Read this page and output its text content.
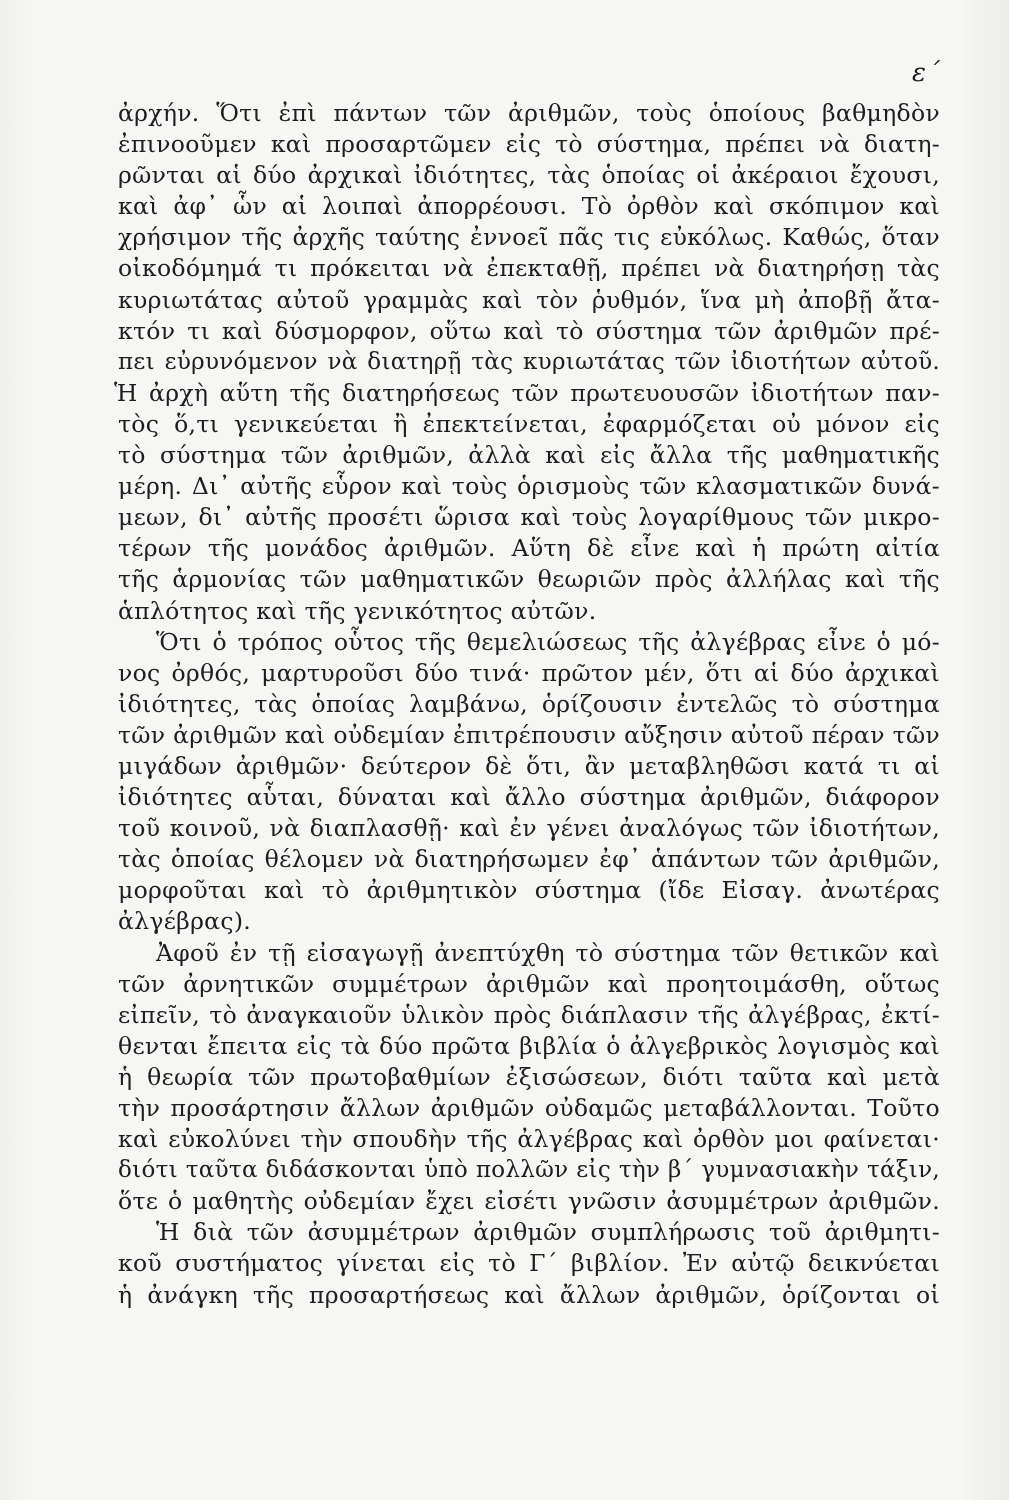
ε΄
ἀρχήν. Ὅτι ἐπὶ πάντων τῶν ἀριθμῶν, τοὺς ὁποίους βαθμηδὸν
ἐπινοοῦμεν καὶ προσαρτῶμεν εἰς τὸ σύστημα, πρέπει νὰ διατη-
ρῶνται αἱ δύο ἀρχικαὶ ἰδιότητες, τὰς ὁποίας οἱ ἀκέραιοι ἔχουσι,
καὶ ἀφ᾽ ὧν αἱ λοιπαὶ ἀπορρέουσι. Τὸ ὀρθὸν καὶ σκόπιμον καὶ
χρήσιμον τῆς ἀρχῆς ταύτης ἐννοεῖ πᾶς τις εὐκόλως. Καθώς, ὅταν
οἰκοδόμημά τι πρόκειται νὰ ἐπεκταθῇ, πρέπει νὰ διατηρήσῃ τὰς
κυριωτάτας αὐτοῦ γραμμὰς καὶ τὸν ῥυθμόν, ἵνα μὴ ἀποβῇ ἄτα-
κτόν τι καὶ δύσμορφον, οὕτω καὶ τὸ σύστημα τῶν ἀριθμῶν πρέ-
πει εὐρυνόμενον νὰ διατηρῇ τὰς κυριωτάτας τῶν ἰδιοτήτων αὐτοῦ.
Ἡ ἀρχὴ αὕτη τῆς διατηρήσεως τῶν πρωτευουσῶν ἰδιοτήτων παν-
τὸς ὅ,τι γενικεύεται ἢ ἐπεκτείνεται, ἐφαρμόζεται οὐ μόνον εἰς
τὸ σύστημα τῶν ἀριθμῶν, ἀλλὰ καὶ εἰς ἄλλα τῆς μαθηματικῆς
μέρη. Δι᾽ αὐτῆς εὗρον καὶ τοὺς ὁρισμοὺς τῶν κλασματικῶν δυνά-
μεων, δι᾽ αὐτῆς προσέτι ὥρισα καὶ τοὺς λογαρίθμους τῶν μικρο-
τέρων τῆς μονάδος ἀριθμῶν. Αὕτη δὲ εἶνε καὶ ἡ πρώτη αἰτία
τῆς ἁρμονίας τῶν μαθηματικῶν θεωριῶν πρὸς ἀλλήλας καὶ τῆς
ἁπλότητος καὶ τῆς γενικότητος αὐτῶν.
Ὅτι ὁ τρόπος οὗτος τῆς θεμελιώσεως τῆς ἀλγέβρας εἶνε ὁ μό-
νος ὀρθός, μαρτυροῦσι δύο τινά· πρῶτον μέν, ὅτι αἱ δύο ἀρχικαὶ
ἰδιότητες, τὰς ὁποίας λαμβάνω, ὁρίζουσιν ἐντελῶς τὸ σύστημα
τῶν ἀριθμῶν καὶ οὐδεμίαν ἐπιτρέπουσιν αὔξησιν αὐτοῦ πέραν τῶν
μιγάδων ἀριθμῶν· δεύτερον δὲ ὅτι, ἂν μεταβληθῶσι κατά τι αἱ
ἰδιότητες αὗται, δύναται καὶ ἄλλο σύστημα ἀριθμῶν, διάφορον
τοῦ κοινοῦ, νὰ διαπλασθῇ· καὶ ἐν γένει ἀναλόγως τῶν ἰδιοτήτων,
τὰς ὁποίας θέλομεν νὰ διατηρήσωμεν ἐφ᾽ ἁπάντων τῶν ἀριθμῶν,
μορφοῦται καὶ τὸ ἀριθμητικὸν σύστημα (ἴδε Εἰσαγ. ἀνωτέρας
ἀλγέβρας).
Ἀφοῦ ἐν τῇ εἰσαγωγῇ ἀνεπτύχθη τὸ σύστημα τῶν θετικῶν καὶ
τῶν ἀρνητικῶν συμμέτρων ἀριθμῶν καὶ προητοιμάσθη, οὕτως
εἰπεῖν, τὸ ἀναγκαιοῦν ὑλικὸν πρὸς διάπλασιν τῆς ἀλγέβρας, ἐκτί-
θενται ἔπειτα εἰς τὰ δύο πρῶτα βιβλία ὁ ἀλγεβρικὸς λογισμὸς καὶ
ἡ θεωρία τῶν πρωτοβαθμίων ἐξισώσεων, διότι ταῦτα καὶ μετὰ
τὴν προσάρτησιν ἄλλων ἀριθμῶν οὐδαμῶς μεταβάλλονται. Τοῦτο
καὶ εὐκολύνει τὴν σπουδὴν τῆς ἀλγέβρας καὶ ὀρθὸν μοι φαίνεται·
διότι ταῦτα διδάσκονται ὑπὸ πολλῶν εἰς τὴν β΄ γυμνασιακὴν τάξιν,
ὅτε ὁ μαθητὴς οὐδεμίαν ἔχει εἰσέτι γνῶσιν ἀσυμμέτρων ἀριθμῶν.
Ἡ διὰ τῶν ἀσυμμέτρων ἀριθμῶν συμπλήρωσις τοῦ ἀριθμητι-
κοῦ συστήματος γίνεται εἰς τὸ Γ΄ βιβλίον. Ἐν αὐτῷ δεικνύεται
ἡ ἀνάγκη τῆς προσαρτήσεως καὶ ἄλλων ἀριθμῶν, ὁρίζονται οἱ
